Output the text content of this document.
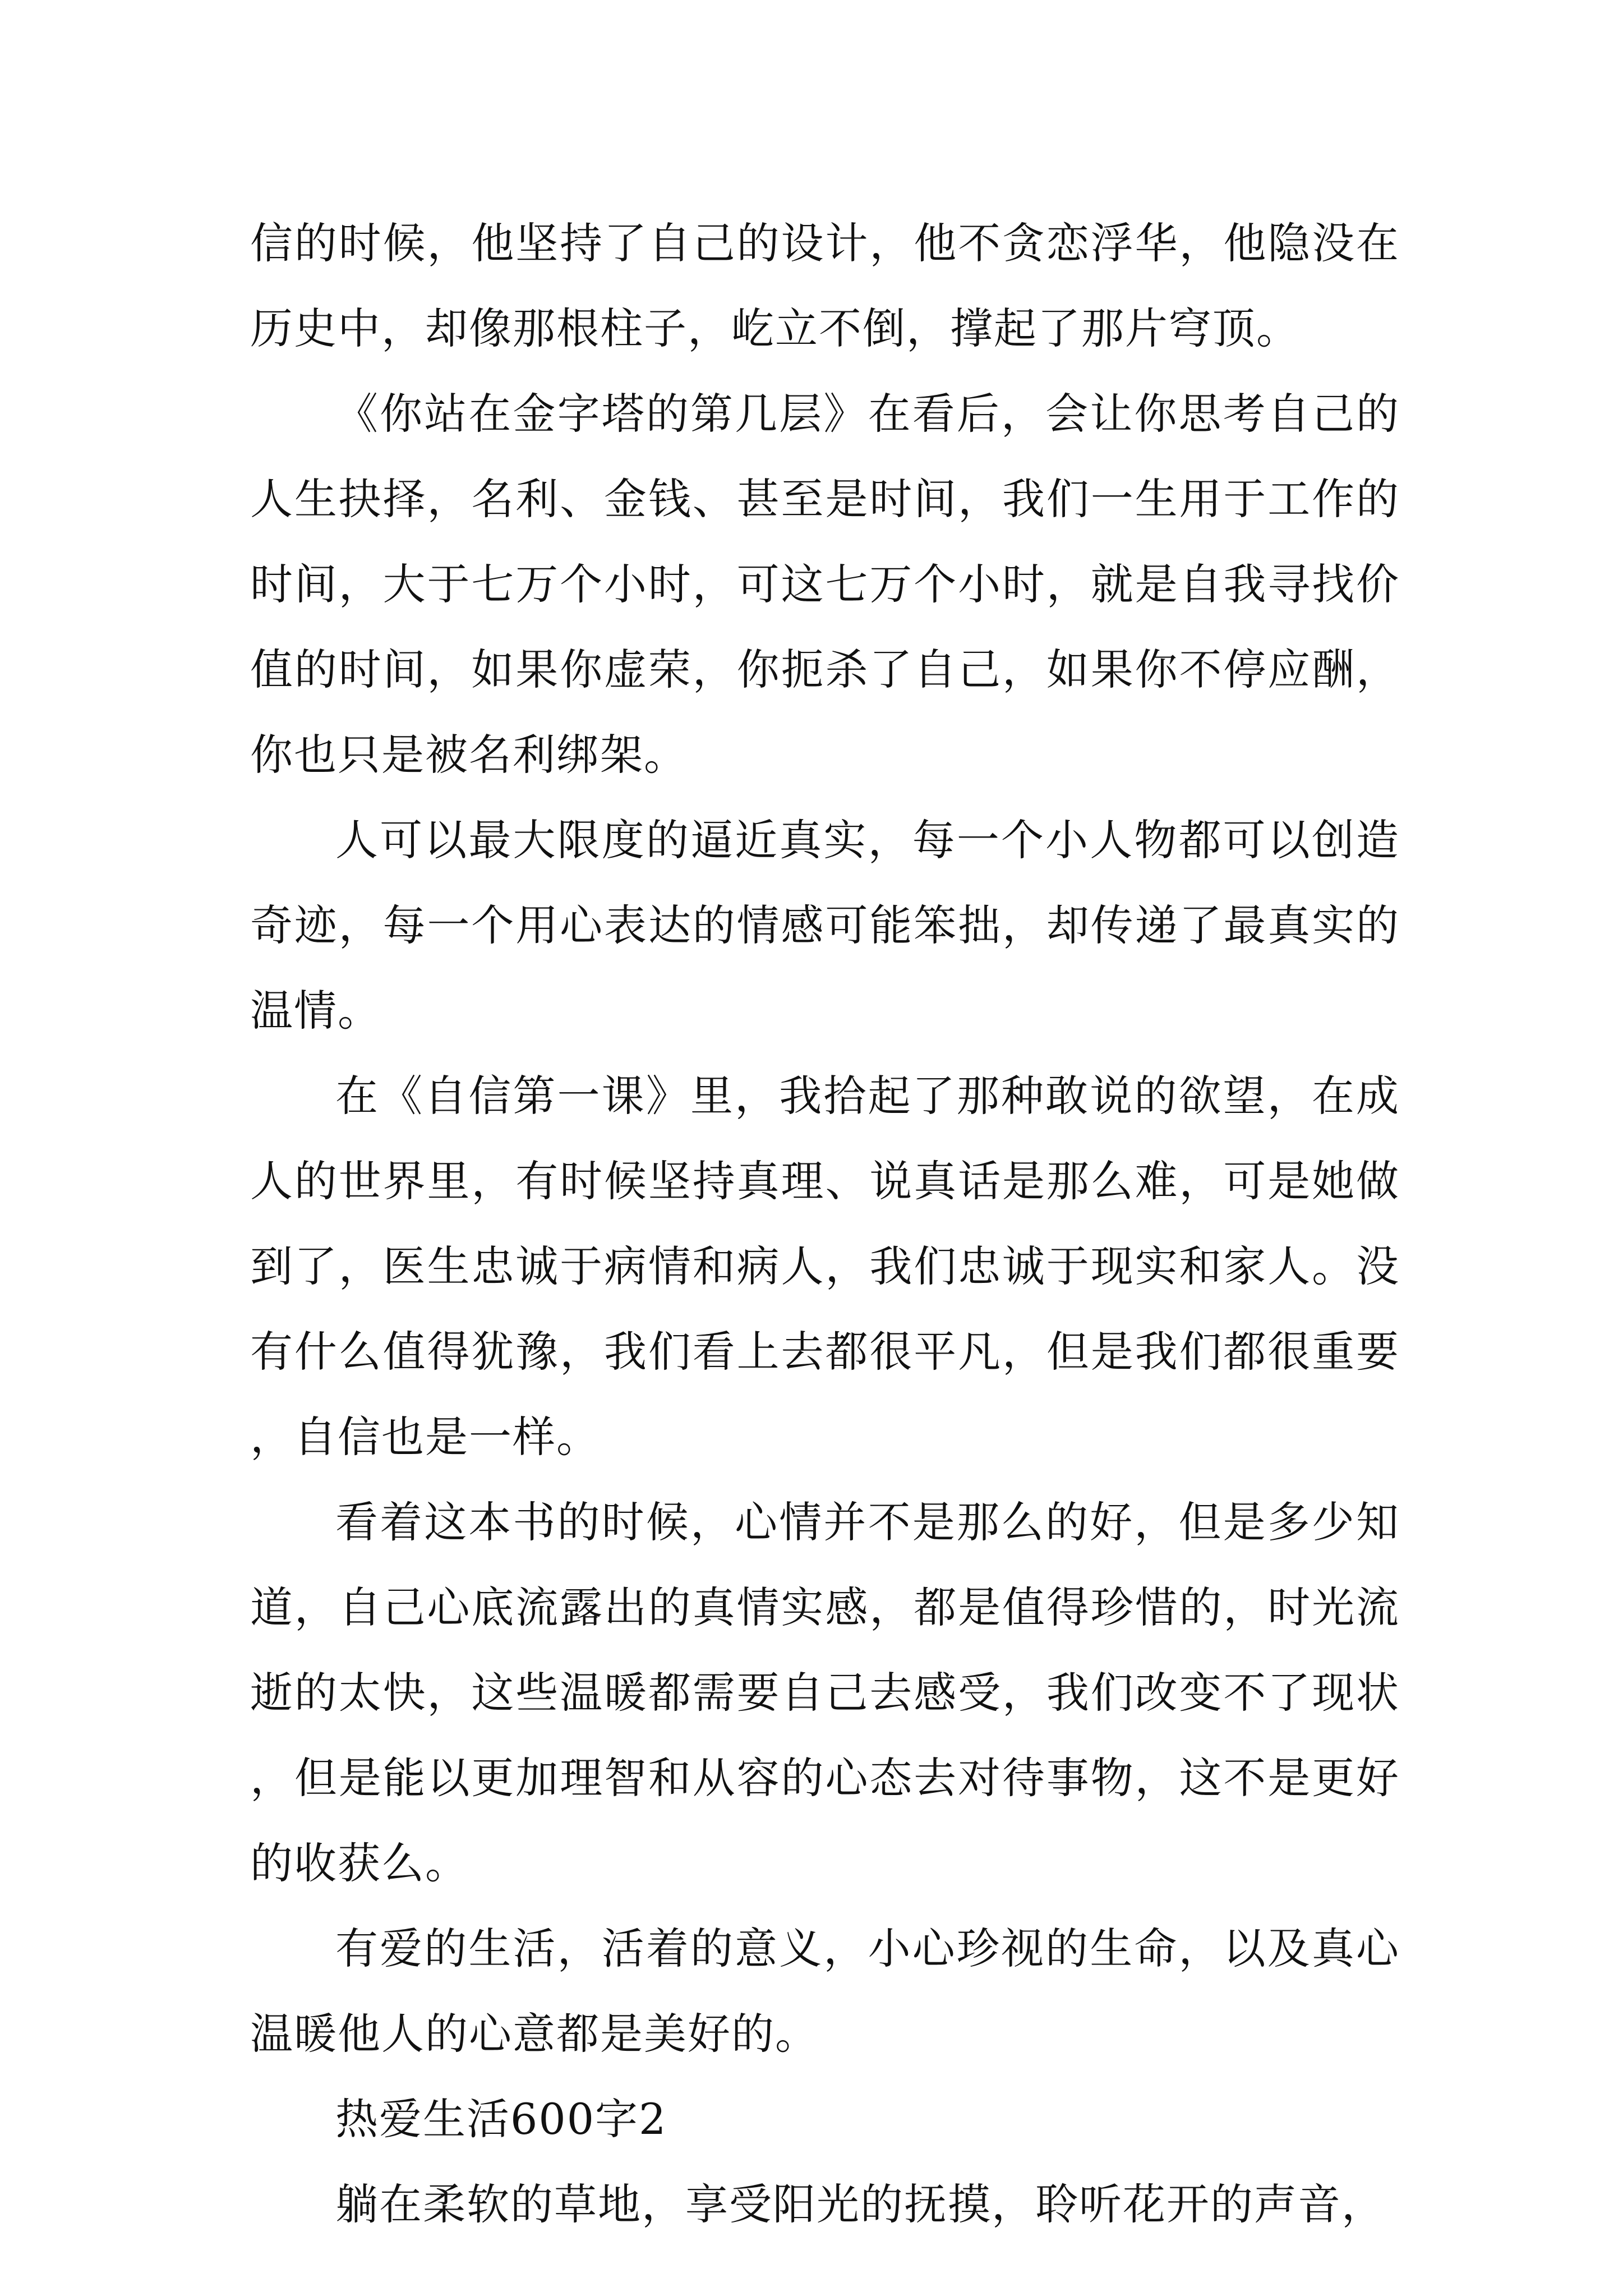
信的时候，他坚持了自己的设计，他不贪恋浮华，他隐没在历史中，却像那根柱子，屹立不倒，撑起了那片穹顶。

《你站在金字塔的第几层》在看后，会让你思考自己的人生抉择，名利、金钱、甚至是时间，我们一生用于工作的时间，大于七万个小时，可这七万个小时，就是自我寻找价值的时间，如果你虚荣，你扼杀了自己，如果你不停应酬，你也只是被名利绑架。

人可以最大限度的逼近真实，每一个小人物都可以创造奇迹，每一个用心表达的情感可能笨拙，却传递了最真实的温情。

在《自信第一课》里，我拾起了那种敢说的欲望，在成人的世界里，有时候坚持真理、说真话是那么难，可是她做到了，医生忠诚于病情和病人，我们忠诚于现实和家人。没有什么值得犹豫，我们看上去都很平凡，但是我们都很重要，自信也是一样。

看着这本书的时候，心情并不是那么的好，但是多少知道，自己心底流露出的真情实感，都是值得珍惜的，时光流逝的太快，这些温暖都需要自己去感受，我们改变不了现状，但是能以更加理智和从容的心态去对待事物，这不是更好的收获么。

有爱的生活，活着的意义，小心珍视的生命，以及真心温暖他人的心意都是美好的。

热爱生活600字2

躺在柔软的草地，享受阳光的抚摸，聆听花开的声音，
